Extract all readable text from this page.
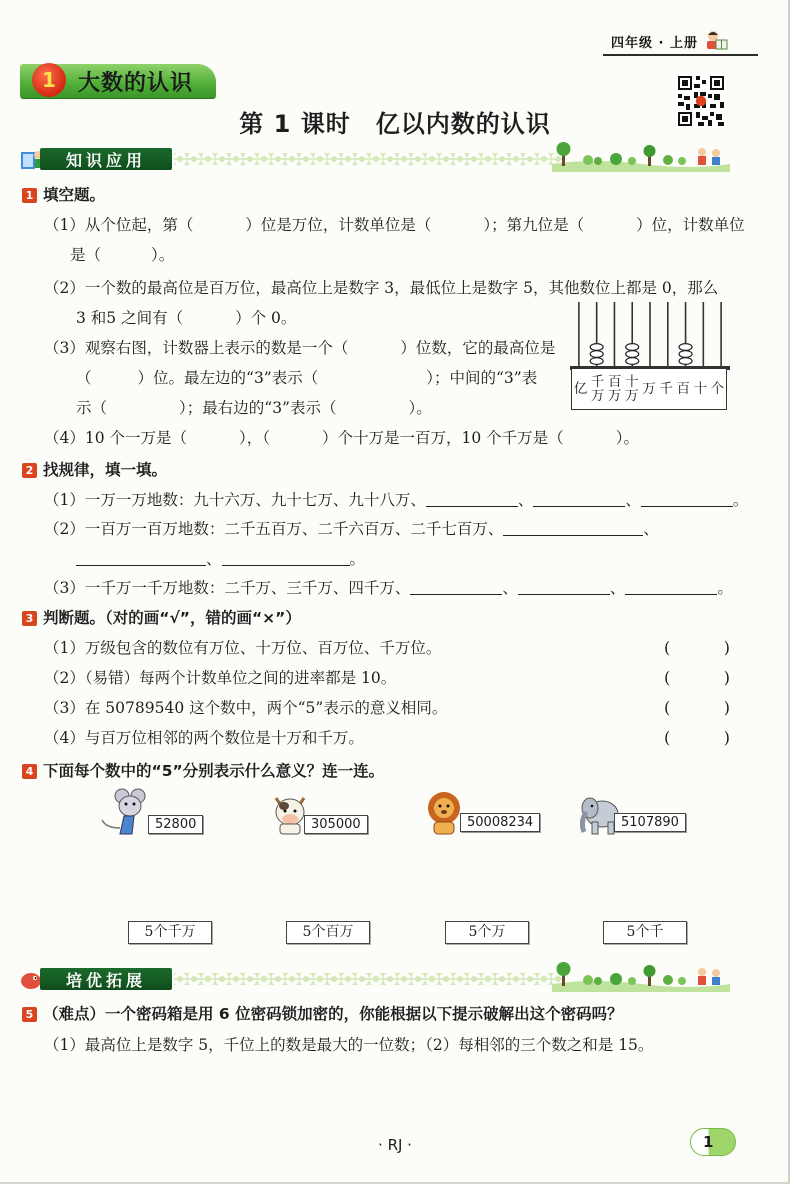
四年级 · 上册
1	大数的认识
第 1 课时　亿以内数的认识
知识应用
1 填空题。
（1）从个位起，第（	）位是万位，计数单位是（	）；第九位是（	）位，计数单位
是（	）。
（2）一个数的最高位是百万位，最高位上是数字 3，最低位上是数字 5，其他数位上都是 0，那么
3 和5 之间有（	）个 0。
（3）观察右图，计数器上表示的数是一个（	）位数，它的最高位是
（	）位。最左边的“3”表示（	）；中间的“3”表
示（	）；最右边的“3”表示（	）。
亿 千
万
百
万
十
万 万 千 百 十 个
（4）10 个一万是（	），（	）个十万是一百万，10 个千万是（	）。
2 找规律，填一填。
（1）一万一万地数：九十六万、九十七万、九十八万、	、	、	。
（2）一百万一百万地数：二千五百万、二千六百万、二千七百万、	、
、	。
（3）一千万一千万地数：二千万、三千万、四千万、	、	、	。
3 判断题。（对的画“√”，错的画“×”）
（1）万级包含的数位有万位、十万位、百万位、千万位。	(	)
（2）（易错）每两个计数单位之间的进率都是 10。	(	)
（3）在 50789540 这个数中，两个“5”表示的意义相同。	(	)
（4）与百万位相邻的两个数位是十万和千万。	(	)
4 下面每个数中的“5”分别表示什么意义？连一连。
52800	305000	50008234	5107890
5个千万	5个百万	5个万	5个千
培优拓展
5 （难点）一个密码箱是用 6 位密码锁加密的，你能根据以下提示破解出这个密码吗？
（1）最高位上是数字 5，千位上的数是最大的一位数；（2）每相邻的三个数之和是 15。
· RJ ·	1
